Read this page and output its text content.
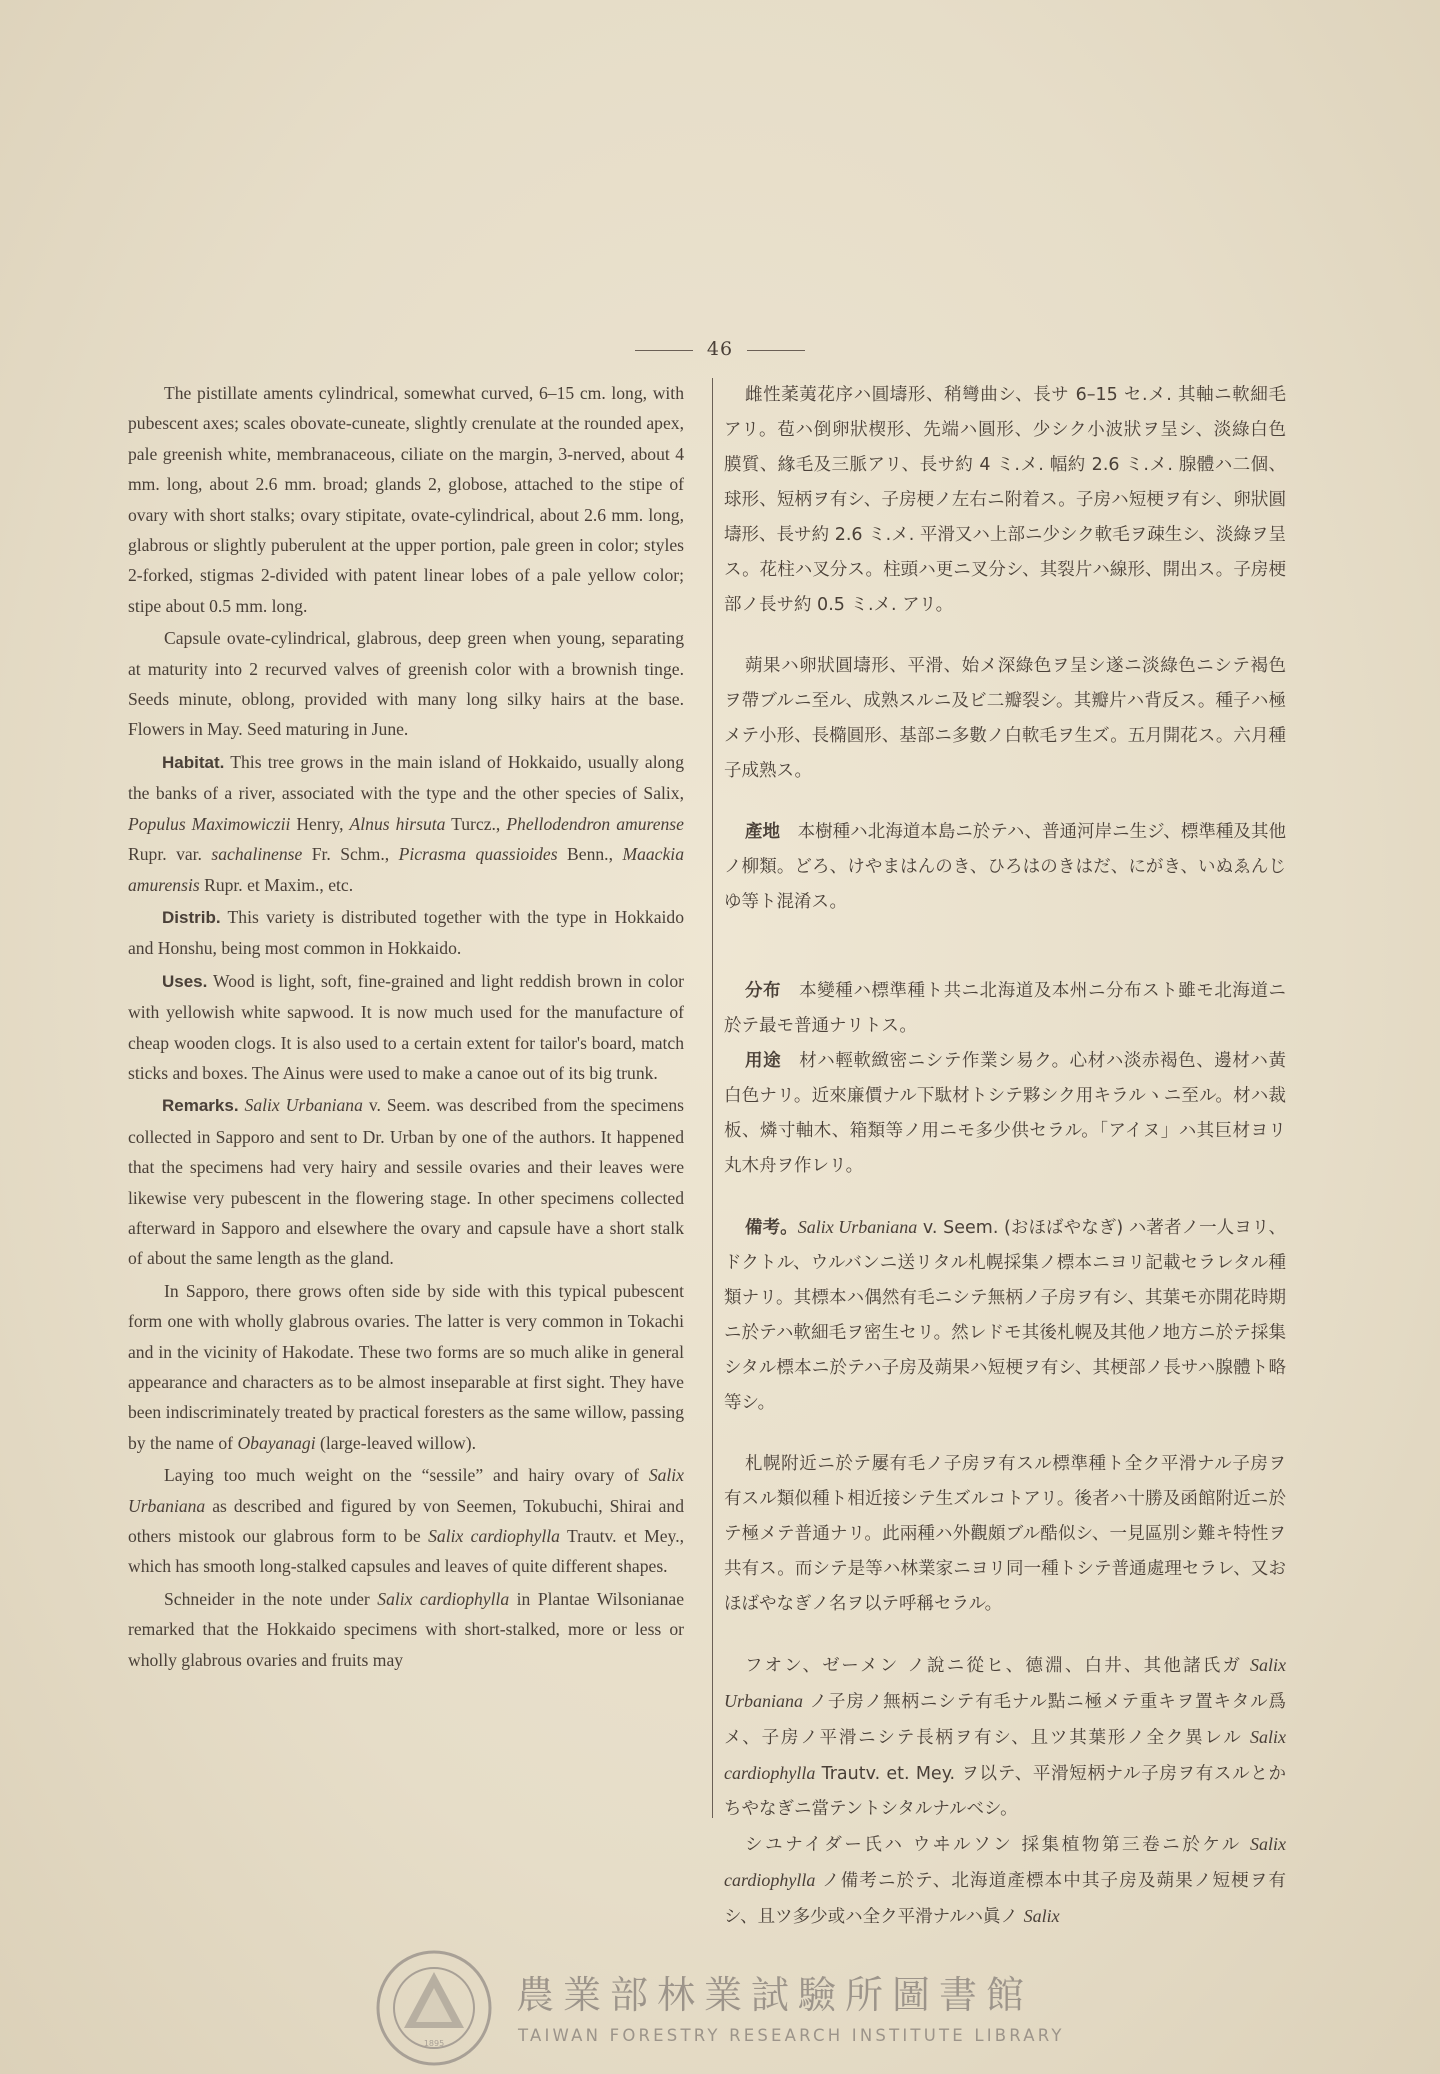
46

The pistillate aments cylindrical, somewhat curved, 6–15 cm. long, with pubescent axes; scales obovate-cuneate, slightly crenulate at the rounded apex, pale greenish white, membranaceous, ciliate on the margin, 3-nerved, about 4 mm. long, about 2.6 mm. broad; glands 2, globose, attached to the stipe of ovary with short stalks; ovary stipitate, ovate-cylindrical, about 2.6 mm. long, glabrous or slightly puberulent at the upper portion, pale green in color; styles 2-forked, stigmas 2-divided with patent linear lobes of a pale yellow color; stipe about 0.5 mm. long.

Capsule ovate-cylindrical, glabrous, deep green when young, separating at maturity into 2 recurved valves of greenish color with a brownish tinge. Seeds minute, oblong, provided with many long silky hairs at the base. Flowers in May. Seed maturing in June.

Habitat. This tree grows in the main island of Hokkaido, usually along the banks of a river, associated with the type and the other species of Salix, Populus Maximowiczii Henry, Alnus hirsuta Turcz., Phellodendron amurense Rupr. var. sachalinense Fr. Schm., Picrasma quassioides Benn., Maackia amurensis Rupr. et Maxim., etc.

Distrib. This variety is distributed together with the type in Hokkaido and Honshu, being most common in Hokkaido.

Uses. Wood is light, soft, fine-grained and light reddish brown in color with yellowish white sapwood. It is now much used for the manufacture of cheap wooden clogs. It is also used to a certain extent for tailor's board, match sticks and boxes. The Ainus were used to make a canoe out of its big trunk.

Remarks. Salix Urbaniana v. Seem. was described from the specimens collected in Sapporo and sent to Dr. Urban by one of the authors. It happened that the specimens had very hairy and sessile ovaries and their leaves were likewise very pubescent in the flowering stage. In other specimens collected afterward in Sapporo and elsewhere the ovary and capsule have a short stalk of about the same length as the gland.

In Sapporo, there grows often side by side with this typical pubescent form one with wholly glabrous ovaries. The latter is very common in Tokachi and in the vicinity of Hakodate. These two forms are so much alike in general appearance and characters as to be almost inseparable at first sight. They have been indiscriminately treated by practical foresters as the same willow, passing by the name of Obayanagi (large-leaved willow).

Laying too much weight on the “sessile” and hairy ovary of Salix Urbaniana as described and figured by von Seemen, Tokubuchi, Shirai and others mistook our glabrous form to be Salix cardiophylla Trautv. et Mey., which has smooth long-stalked capsules and leaves of quite different shapes.

Schneider in the note under Salix cardiophylla in Plantae Wilsonianae remarked that the Hokkaido specimens with short-stalked, more or less or wholly glabrous ovaries and fruits may

雌性葇荑花序ハ圓壔形、稍彎曲シ、長サ 6–15 セ.メ. 其軸ニ軟細毛アリ。苞ハ倒卵狀楔形、先端ハ圓形、少シク小波狀ヲ呈シ、淡綠白色 膜質、緣毛及三脈アリ、長サ約 4 ミ.メ. 幅約 2.6 ミ.メ. 腺體ハ二個、球形、短柄ヲ有シ、子房梗ノ左右ニ附着ス。子房ハ短梗ヲ有シ、卵狀圓壔形、長サ約 2.6 ミ.メ. 平滑又ハ上部ニ少シク軟毛ヲ疎生シ、淡綠ヲ呈ス。花柱ハ叉分ス。柱頭ハ更ニ叉分シ、其裂片ハ線形、開出ス。子房梗部ノ長サ約 0.5 ミ.メ. アリ。

蒴果ハ卵狀圓壔形、平滑、始メ深綠色ヲ呈シ遂ニ淡綠色ニシテ褐色ヲ帶ブルニ至ル、成熟スルニ及ビ二瓣裂シ。其瓣片ハ背反ス。種子ハ極メテ小形、長橢圓形、基部ニ多數ノ白軟毛ヲ生ズ。五月開花ス。六月種子成熟ス。

產地　本樹種ハ北海道本島ニ於テハ、普通河岸ニ生ジ、標準種及其他ノ柳類。どろ、けやまはんのき、ひろはのきはだ、にがき、いぬゑんじゆ等ト混淆ス。

分布　本變種ハ標準種ト共ニ北海道及本州ニ分布スト雖モ北海道ニ於テ最モ普通ナリトス。

用途　材ハ輕軟緻密ニシテ作業シ易ク。心材ハ淡赤褐色、邊材ハ黃白色ナリ。近來廉價ナル下駄材トシテ夥シク用キラルヽニ至ル。材ハ裁板、燐寸軸木、箱類等ノ用ニモ多少供セラル。「アイヌ」ハ其巨材ヨリ丸木舟ヲ作レリ。

備考。Salix Urbaniana v. Seem. (おほばやなぎ) ハ著者ノ一人ヨリ、ドクトル、ウルバンニ送リタル札幌採集ノ標本ニヨリ記載セラレタル種類ナリ。其標本ハ偶然有毛ニシテ無柄ノ子房ヲ有シ、其葉モ亦開花時期ニ於テハ軟細毛ヲ密生セリ。然レドモ其後札幌及其他ノ地方ニ於テ採集シタル標本ニ於テハ子房及蒴果ハ短梗ヲ有シ、其梗部ノ長サハ腺體ト略等シ。

札幌附近ニ於テ屢有毛ノ子房ヲ有スル標準種ト全ク平滑ナル子房ヲ有スル類似種ト相近接シテ生ズルコトアリ。後者ハ十勝及函館附近ニ於テ極メテ普通ナリ。此兩種ハ外觀頗ブル酷似シ、一見區別シ難キ特性ヲ共有ス。而シテ是等ハ林業家ニヨリ同一種トシテ普通處理セラレ、又おほばやなぎノ名ヲ以テ呼稱セラル。

フオン、ゼーメン ノ說ニ從ヒ、德淵、白井、其他諸氏ガ Salix Urbaniana ノ子房ノ無柄ニシテ有毛ナル點ニ極メテ重キヲ置キタル爲メ、子房ノ平滑ニシテ長柄ヲ有シ、且ツ其葉形ノ全ク異レル Salix cardiophylla Trautv. et. Mey. ヲ以テ、平滑短柄ナル子房ヲ有スルとかちやなぎニ當テントシタルナルベシ。

シユナイダー氏ハ ウヰルソン 採集植物第三卷ニ於ケル Salix cardiophylla ノ備考ニ於テ、北海道產標本中其子房及蒴果ノ短梗ヲ有シ、且ツ多少或ハ全ク平滑ナルハ眞ノ Salix

1895
農業部林業試驗所圖書館
TAIWAN FORESTRY RESEARCH INSTITUTE LIBRARY
